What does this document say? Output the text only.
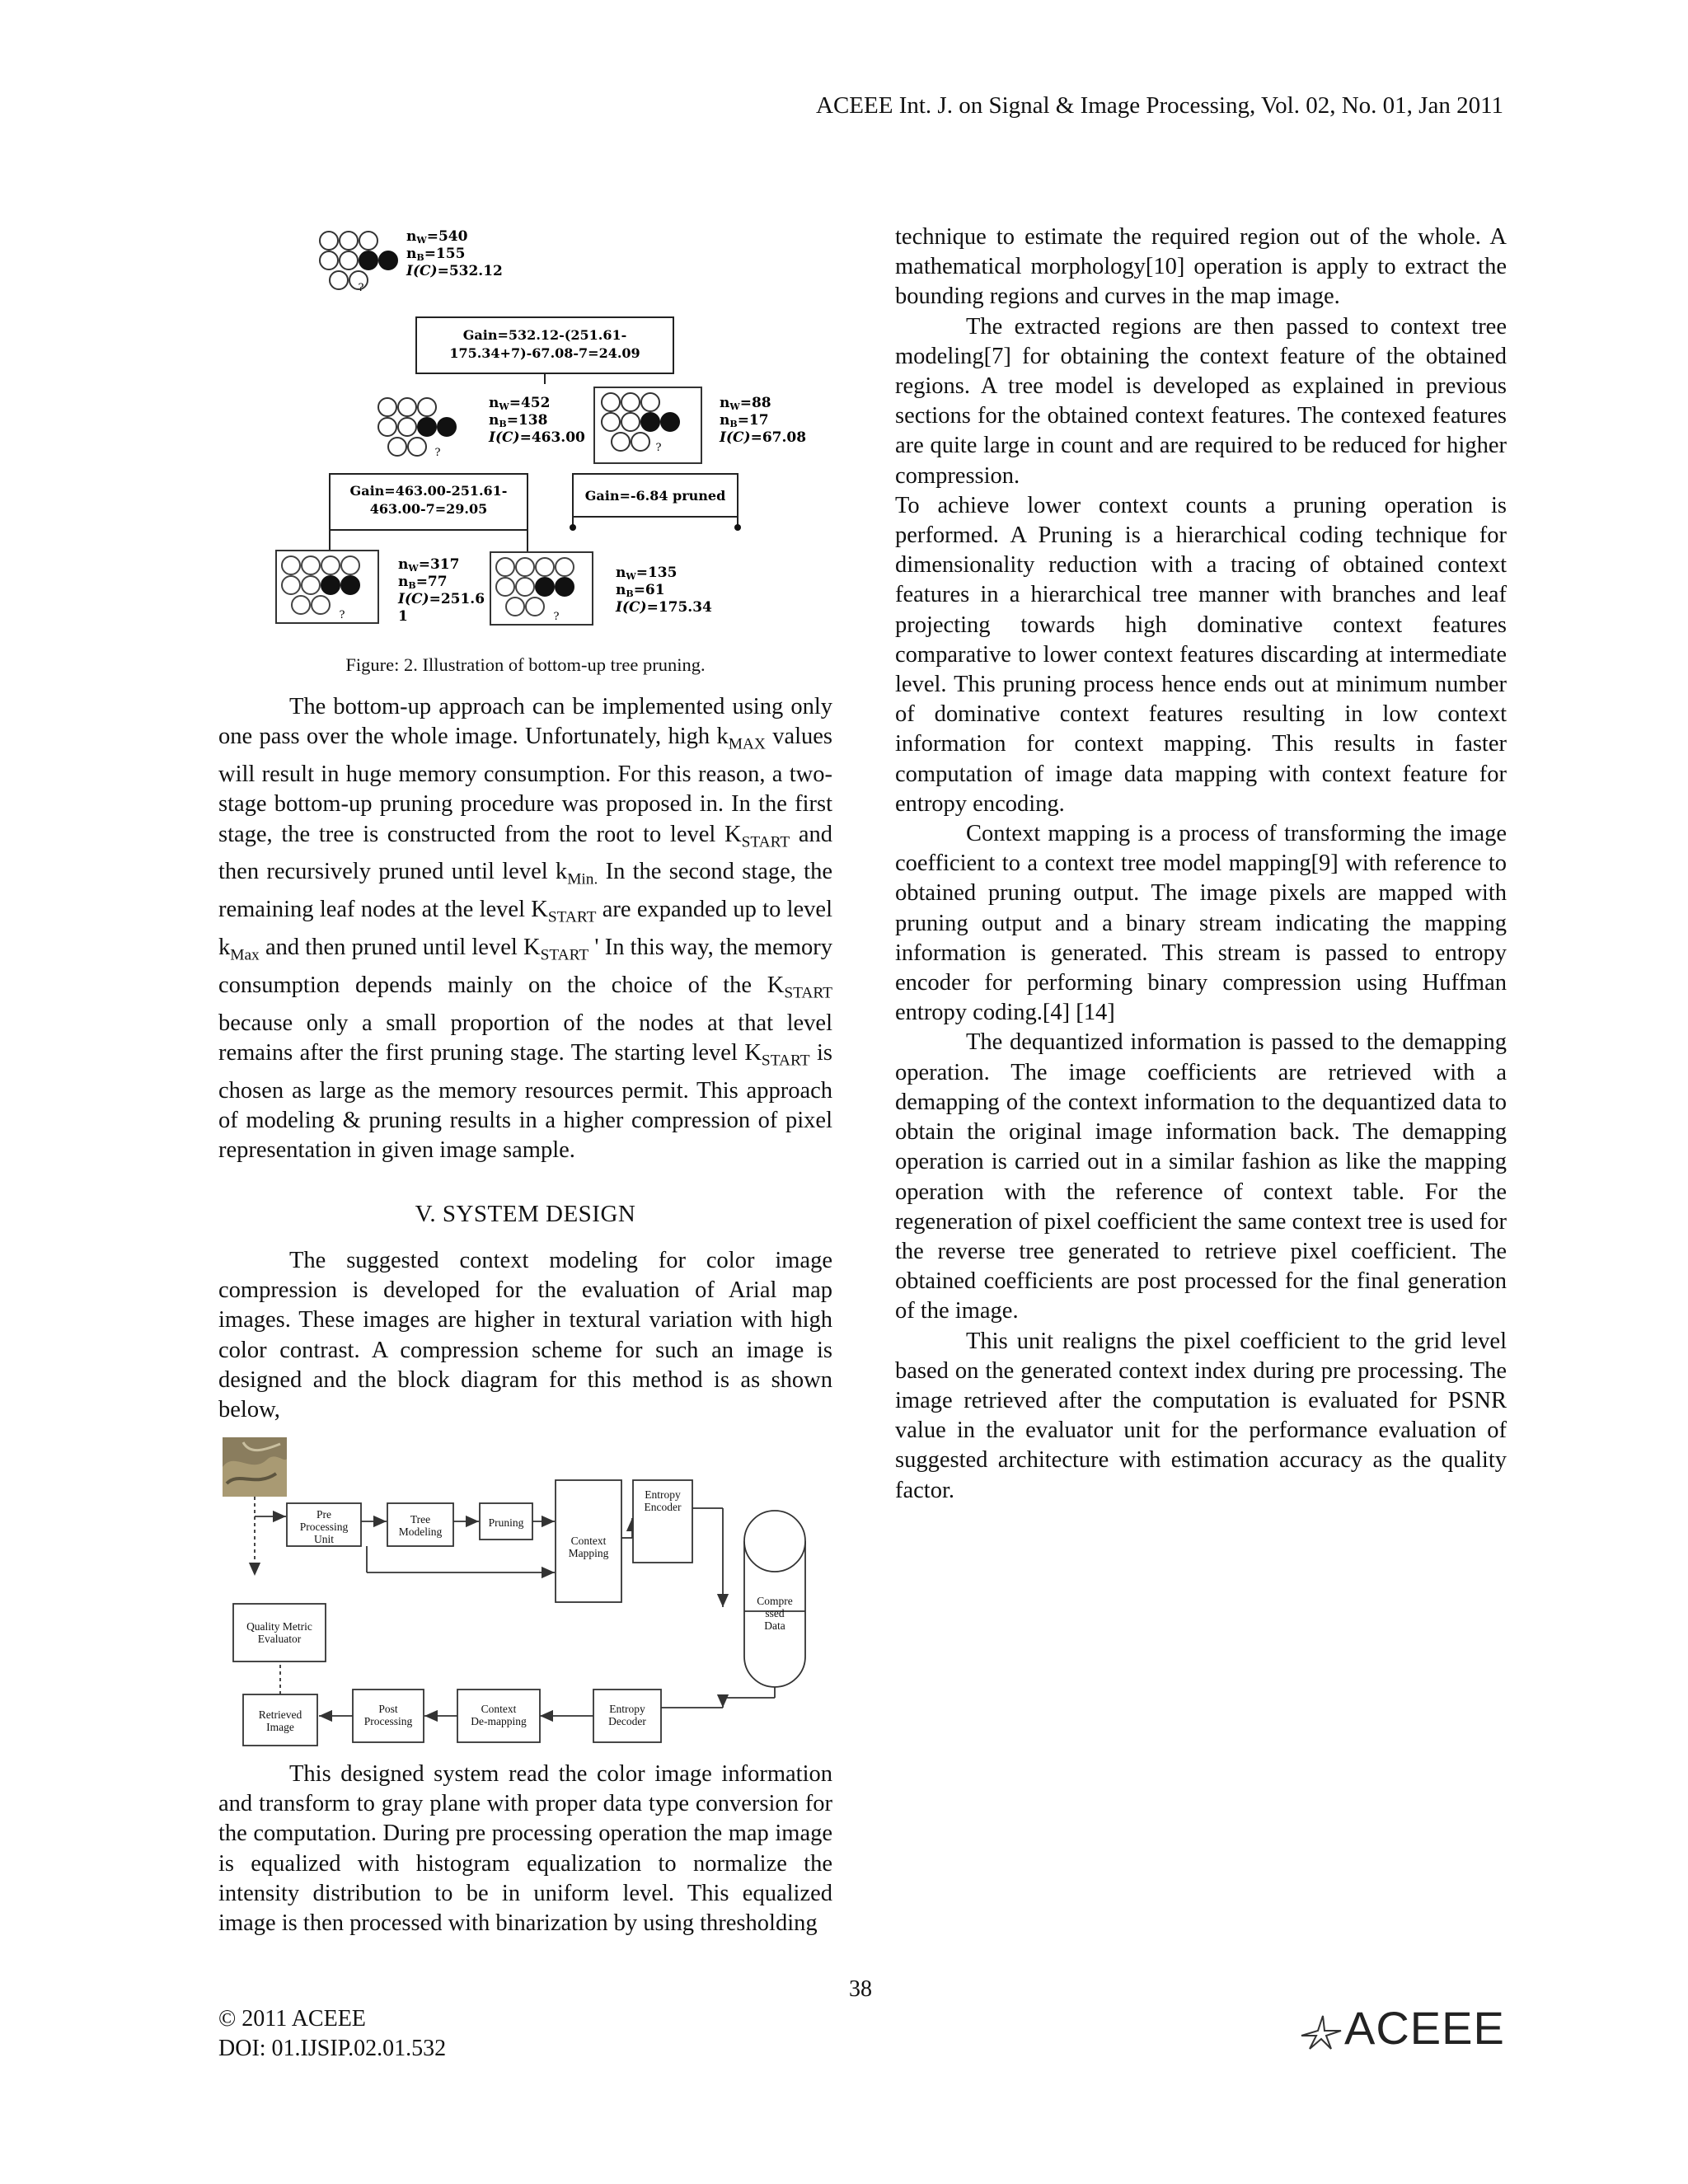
ACEEE Int. J. on Signal & Image Processing, Vol. 02, No. 01, Jan 2011
?
nW=540
nB=155
I(C)=532.12
Gain=532.12-(251.61-
175.34+7)-67.08-7=24.09
?
nW=452
nB=138
I(C)=463.00
?
nW=88
nB=17
I(C)=67.08
Gain=463.00-251.61-
463.00-7=29.05
Gain=-6.84 pruned
?
nW=317
nB=77
I(C)=251.6
1	?
nW=135
nB=61
I(C)=175.34
Figure: 2. Illustration of bottom-up tree pruning.

The bottom-up approach can be implemented using only one pass over the whole image. Unfortunately, high $k_{MAX}$ values will result in huge memory consumption. For this reason, a two-stage bottom-up pruning procedure was proposed in. In the first stage, the tree is constructed from the root to level $K_{START}$ and then recursively pruned until level $k_{Min.}$ In the second stage, the remaining leaf nodes at the level $K_{START}$ are expanded up to level $k_{Max}$ and then pruned until level $K_{START}$ ' In this way, the memory consumption depends mainly on the choice of the $K_{START}$ because only a small proportion of the nodes at that level remains after the first pruning stage. The starting level $K_{START}$ is chosen as large as the memory resources permit. This approach of modeling & pruning results in a higher compression of pixel representation in given image sample.

V. SYSTEM DESIGN

The suggested context modeling for color image compression is developed for the evaluation of Arial map images. These images are higher in textural variation with high color contrast. A compression scheme for such an image is designed and the block diagram for this method is as shown below,

Pre
Processing
Unit
Tree
Modeling
Pruning
Context
Mapping
Entropy
Encoder
Compre
ssed
Data
Quality Metric
Evaluator
Retrieved
Image
Post
Processing
Context
De-mapping
Entropy
Decoder

This designed system read the color image information and transform to gray plane with proper data type conversion for the computation. During pre processing operation the map image is equalized with histogram equalization to normalize the intensity distribution to be in uniform level. This equalized image is then processed with binarization by using thresholding

technique to estimate the required region out of the whole. A mathematical morphology[10] operation is apply to extract the bounding regions and curves in the map image.

The extracted regions are then passed to context tree modeling[7] for obtaining the context feature of the obtained regions. A tree model is developed as explained in previous sections for the obtained context features. The contexed features are quite large in count and are required to be reduced for higher compression.

To achieve lower context counts a pruning operation is performed. A Pruning is a hierarchical coding technique for dimensionality reduction with a tracing of obtained context features in a hierarchical tree manner with branches and leaf projecting towards high dominative context features comparative to lower context features discarding at intermediate level. This pruning process hence ends out at minimum number of dominative context features resulting in low context information for context mapping. This results in faster computation of image data mapping with context feature for entropy encoding.

Context mapping is a process of transforming the image coefficient to a context tree model mapping[9] with reference to obtained pruning output. The image pixels are mapped with pruning output and a binary stream indicating the mapping information is generated. This stream is passed to entropy encoder for performing binary compression using Huffman entropy coding.[4] [14]

The dequantized information is passed to the demapping operation. The image coefficients are retrieved with a demapping of the context information to the dequantized data to obtain the original image information back. The demapping operation is carried out in a similar fashion as like the mapping operation with the reference of context table. For the regeneration of pixel coefficient the same context tree is used for the reverse tree generated to retrieve pixel coefficient. The obtained coefficients are post processed for the final generation of the image.

This unit realigns the pixel coefficient to the grid level based on the generated context index during pre processing. The image retrieved after the computation is evaluated for PSNR value in the evaluator unit for the performance evaluation of suggested architecture with estimation accuracy as the quality factor.

38
© 2011 ACEEE
DOI: 01.IJSIP.02.01.532	ACEEE
